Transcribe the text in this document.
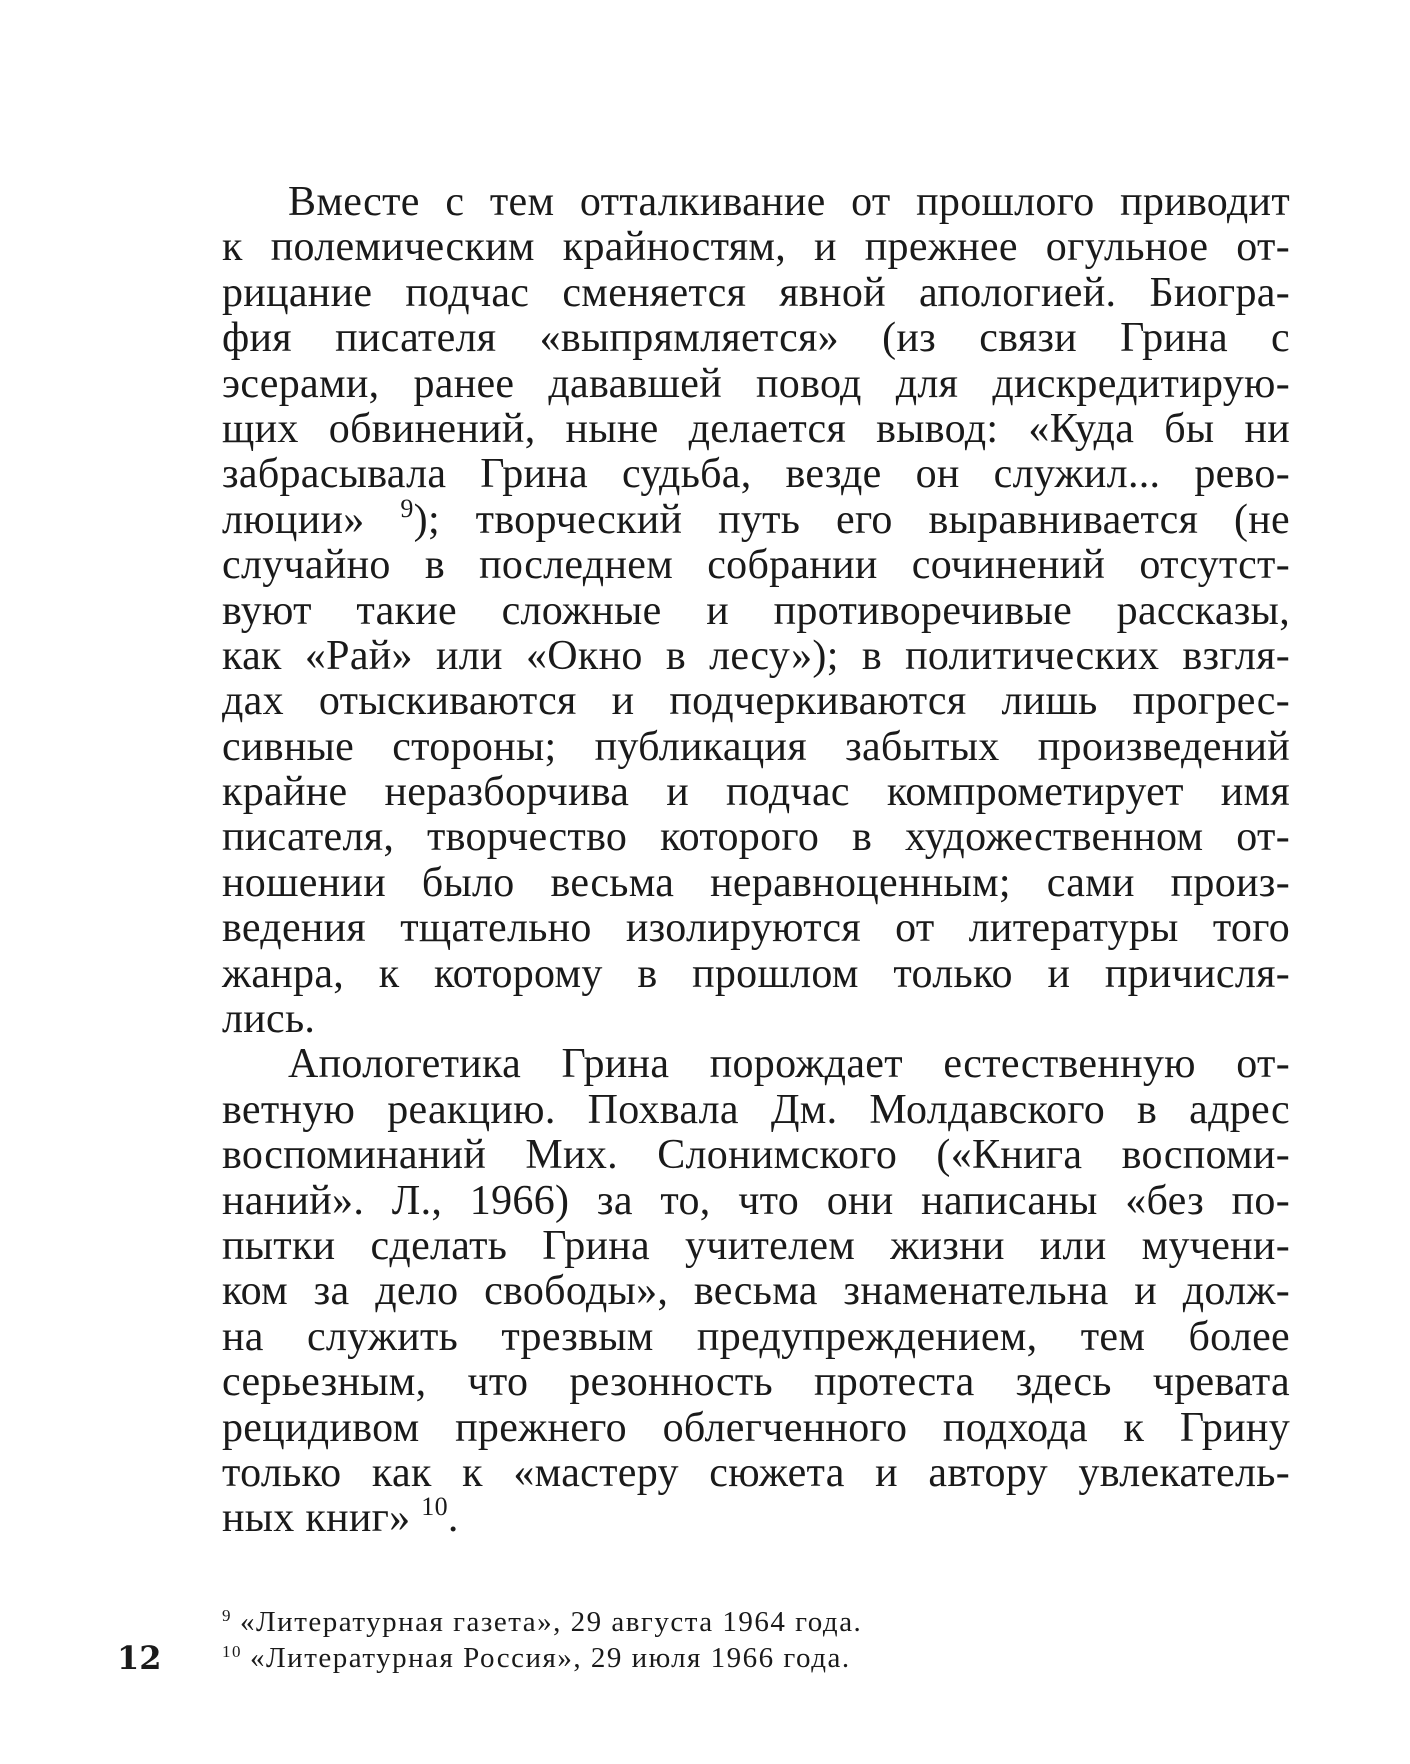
Вместе с тем отталкивание от прошлого приводит
к полемическим крайностям, и прежнее огульное от-
рицание подчас сменяется явной апологией. Биогра-
фия писателя «выпрямляется» (из связи Грина с
эсерами, ранее дававшей повод для дискредитирую-
щих обвинений, ныне делается вывод: «Куда бы ни
забрасывала Грина судьба, везде он служил... рево-
люции» $^9$); творческий путь его выравнивается (не
случайно в последнем собрании сочинений отсутст-
вуют такие сложные и противоречивые рассказы,
как «Рай» или «Окно в лесу»); в политических взгля-
дах отыскиваются и подчеркиваются лишь прогрес-
сивные стороны; публикация забытых произведений
крайне неразборчива и подчас компрометирует имя
писателя, творчество которого в художественном от-
ношении было весьма неравноценным; сами произ-
ведения тщательно изолируются от литературы того
жанра, к которому в прошлом только и причисля-
лись.
Апологетика Грина порождает естественную от-
ветную реакцию. Похвала Дм. Молдавского в адрес
воспоминаний Мих. Слонимского («Книга воспоми-
наний». Л., 1966) за то, что они написаны «без по-
пытки сделать Грина учителем жизни или мучени-
ком за дело свободы», весьма знаменательна и долж-
на служить трезвым предупреждением, тем более
серьезным, что резонность протеста здесь чревата
рецидивом прежнего облегченного подхода к Грину
только как к «мастеру сюжета и автору увлекатель-
ных книг» $^{10}$.
$^9$ «Литературная газета», 29 августа 1964 года.
$^{10}$ «Литературная Россия», 29 июля 1966 года.
12
